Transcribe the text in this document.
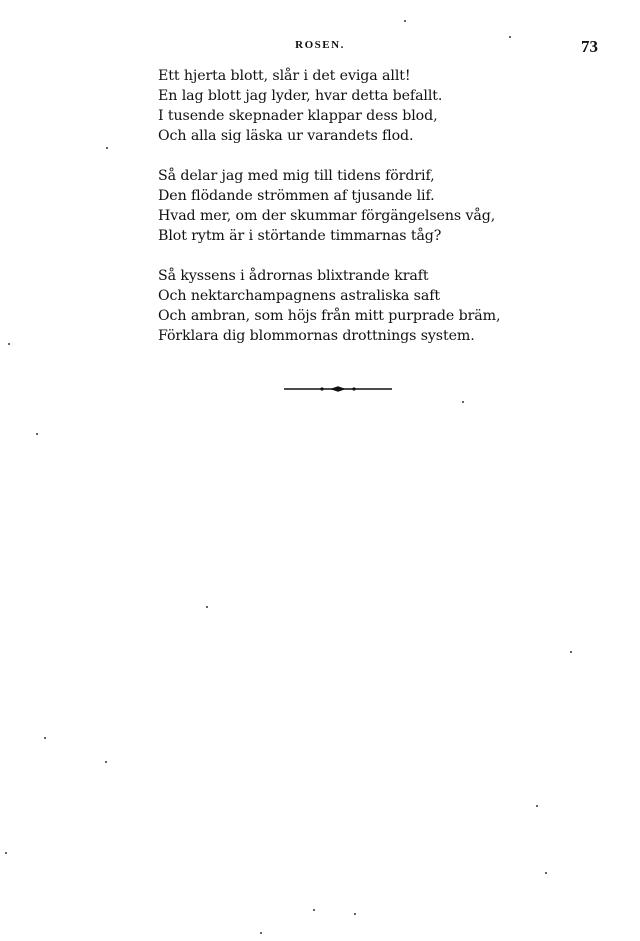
ROSEN.	73
Ett hjerta blott, slår i det eviga allt!
En lag blott jag lyder, hvar detta befallt.
I tusende skepnader klappar dess blod,
Och alla sig läska ur varandets flod.
Så delar jag med mig till tidens fördrif,
Den flödande strömmen af tjusande lif.
Hvad mer, om der skummar förgängelsens våg,
Blot rytm är i störtande timmarnas tåg?
Så kyssens i ådrornas blixtrande kraft
Och nektarchampagnens astraliska saft
Och ambran, som höjs från mitt purprade bräm,
Förklara dig blommornas drottnings system.
